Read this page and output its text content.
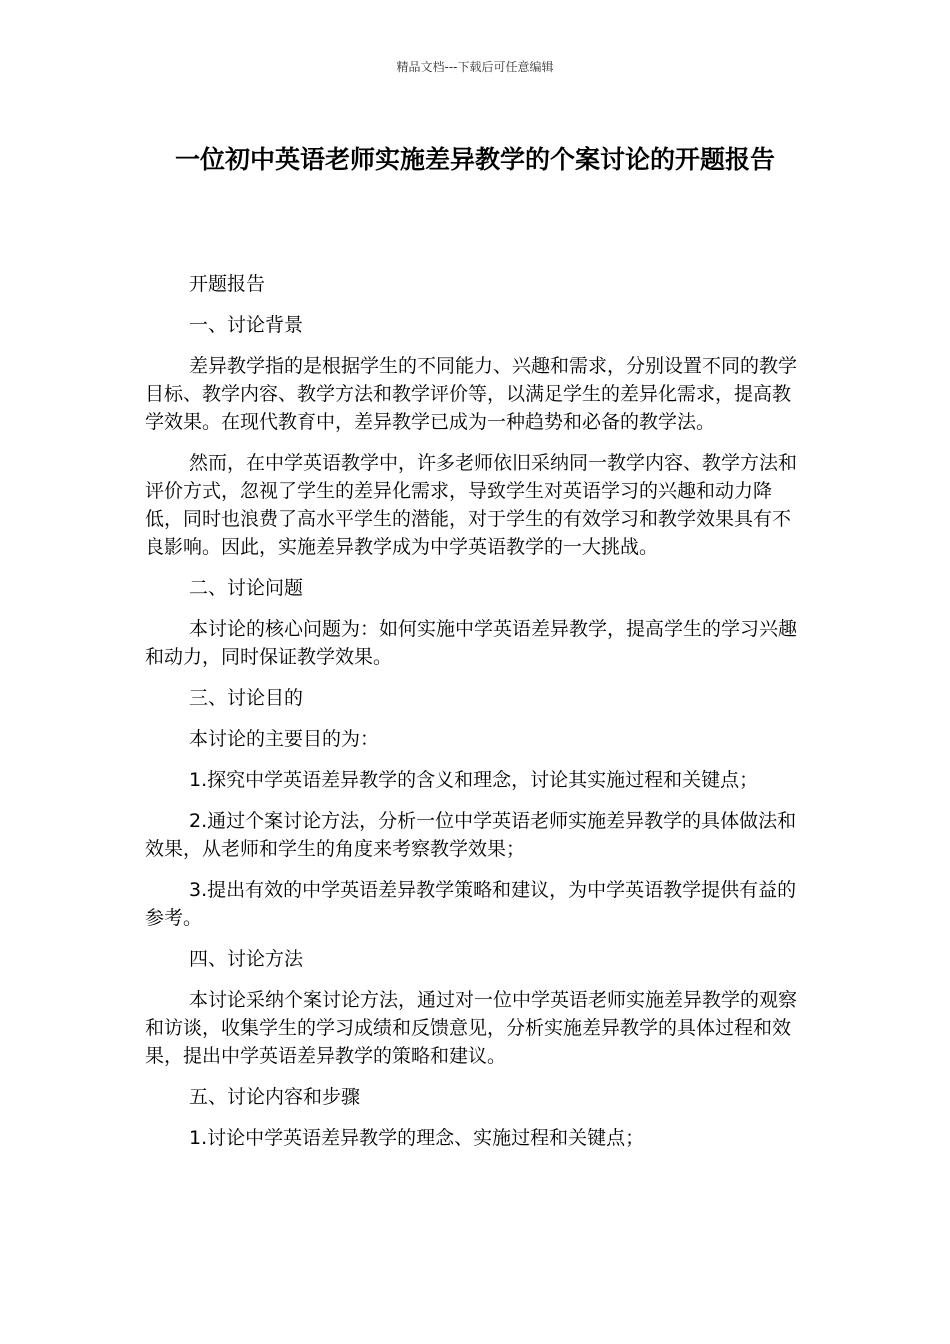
精品文档---下载后可任意编辑
一位初中英语老师实施差异教学的个案讨论的开题报告

开题报告

一、讨论背景

差异教学指的是根据学生的不同能力、兴趣和需求，分别设置不同的教学目标、教学内容、教学方法和教学评价等，以满足学生的差异化需求，提高教学效果。在现代教育中，差异教学已成为一种趋势和必备的教学法。

然而，在中学英语教学中，许多老师依旧采纳同一教学内容、教学方法和评价方式，忽视了学生的差异化需求，导致学生对英语学习的兴趣和动力降低，同时也浪费了高水平学生的潜能，对于学生的有效学习和教学效果具有不良影响。因此，实施差异教学成为中学英语教学的一大挑战。

二、讨论问题

本讨论的核心问题为：如何实施中学英语差异教学，提高学生的学习兴趣和动力，同时保证教学效果。

三、讨论目的

本讨论的主要目的为：

1.探究中学英语差异教学的含义和理念，讨论其实施过程和关键点；

2.通过个案讨论方法，分析一位中学英语老师实施差异教学的具体做法和效果，从老师和学生的角度来考察教学效果；

3.提出有效的中学英语差异教学策略和建议，为中学英语教学提供有益的参考。

四、讨论方法

本讨论采纳个案讨论方法，通过对一位中学英语老师实施差异教学的观察和访谈，收集学生的学习成绩和反馈意见，分析实施差异教学的具体过程和效果，提出中学英语差异教学的策略和建议。

五、讨论内容和步骤

1.讨论中学英语差异教学的理念、实施过程和关键点；
